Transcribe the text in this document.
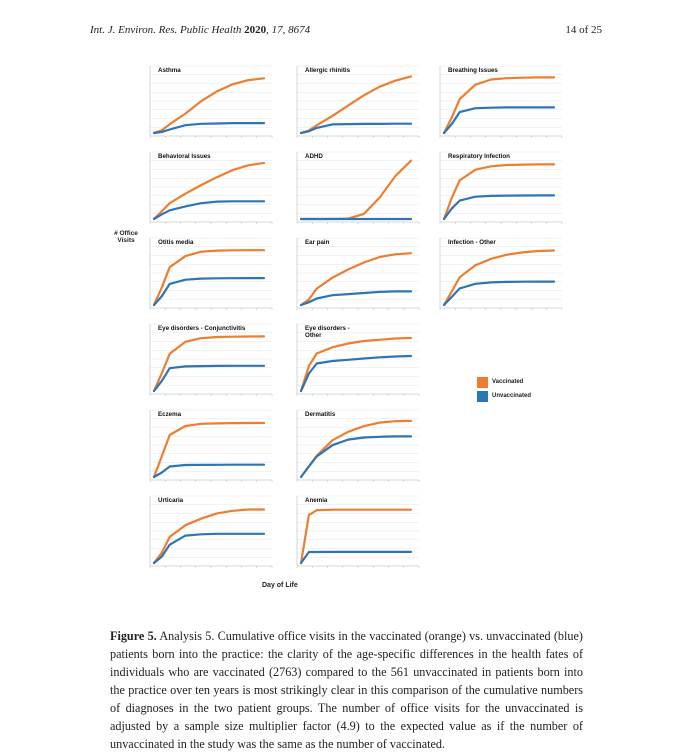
Int. J. Environ. Res. Public Health 2020, 17, 8674	14 of 25
Asthma	Allergic rhinitis	Breathing Issues
Behavioral Issues	ADHD	Respiratory Infection
Otitis media	Ear pain	Infection - Other
Eye disorders - Conjunctivitis	Eye disorders -Other
Eczema	Dermatitis
Urticaria	Anemia
# Office
Visits
Day of Life
Vaccinated
Unvaccinated
Figure 5. Analysis 5. Cumulative office visits in the vaccinated (orange) vs. unvaccinated (blue) patients born into the practice: the clarity of the age-specific differences in the health fates of individuals who are vaccinated (2763) compared to the 561 unvaccinated in patients born into the practice over ten years is most strikingly clear in this comparison of the cumulative numbers of diagnoses in the two patient groups. The number of office visits for the unvaccinated is adjusted by a sample size multiplier factor (4.9) to the expected value as if the number of unvaccinated in the study was the same as the number of vaccinated.
